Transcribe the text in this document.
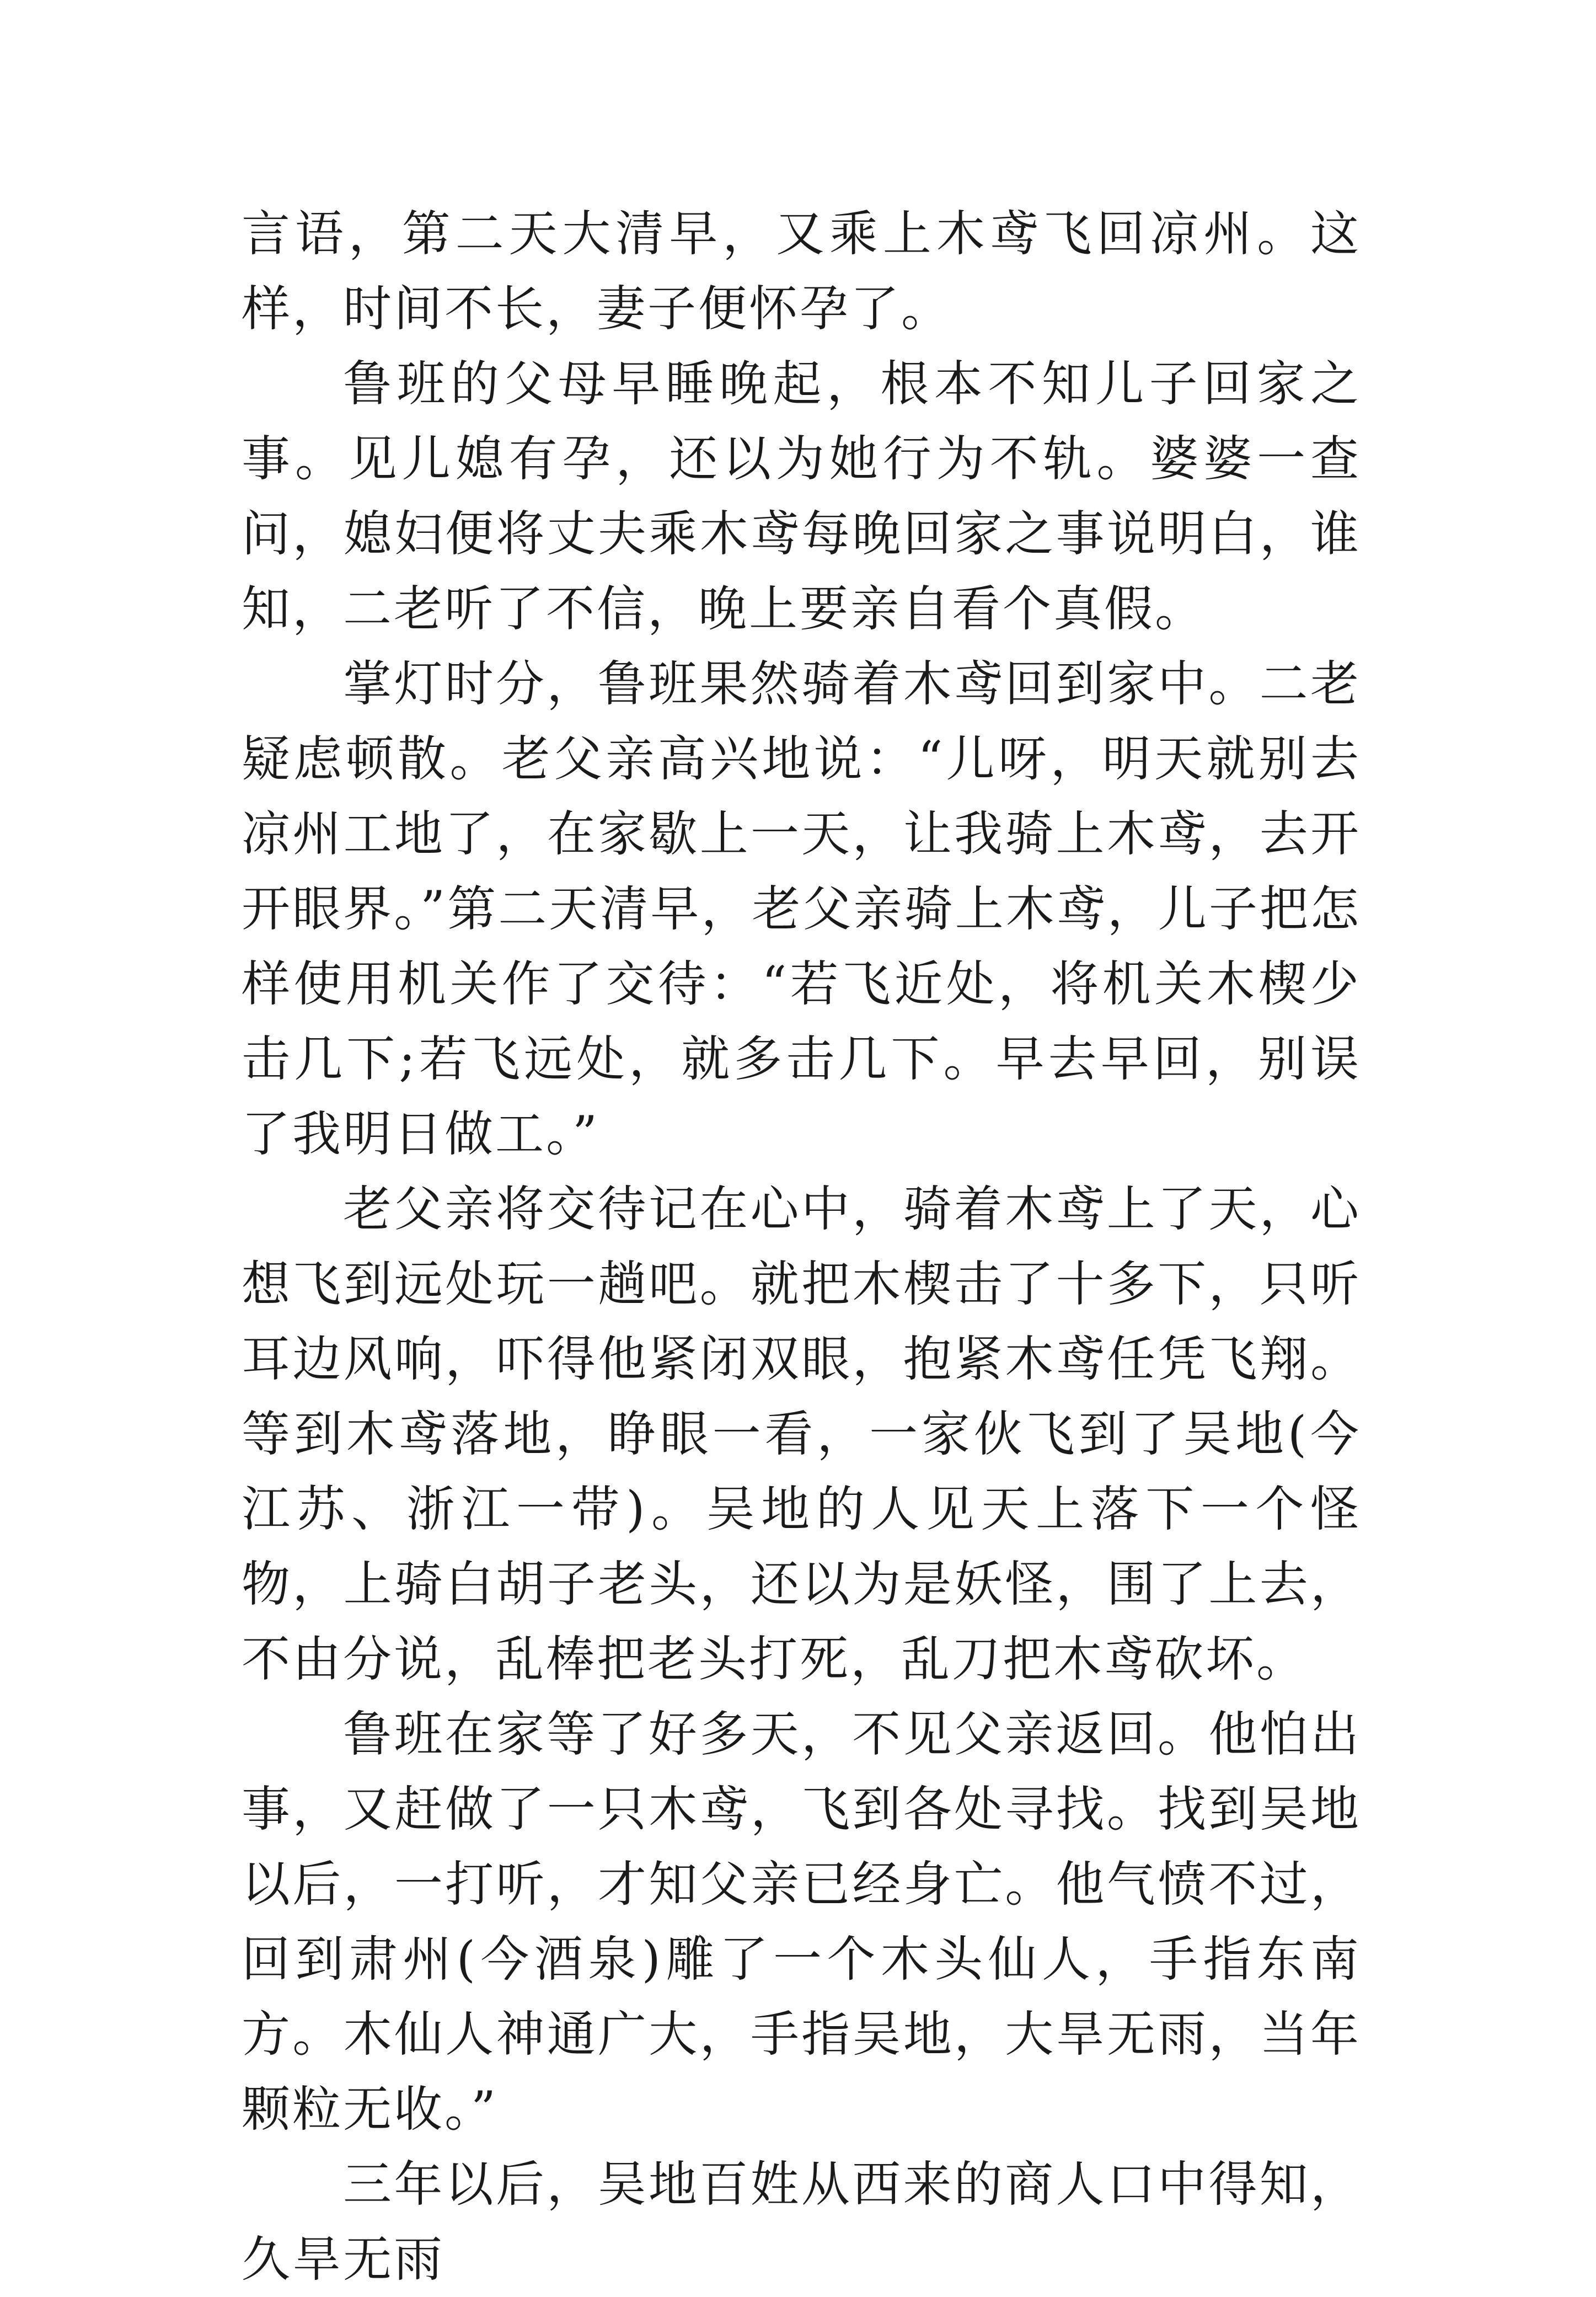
言语，第二天大清早，又乘上木鸢飞回凉州。这样，时间不长，妻子便怀孕了。

鲁班的父母早睡晚起，根本不知儿子回家之事。见儿媳有孕，还以为她行为不轨。婆婆一查问，媳妇便将丈夫乘木鸢每晚回家之事说明白，谁知，二老听了不信，晚上要亲自看个真假。

掌灯时分，鲁班果然骑着木鸢回到家中。二老疑虑顿散。老父亲高兴地说：“儿呀，明天就别去凉州工地了，在家歇上一天，让我骑上木鸢，去开开眼界。”第二天清早，老父亲骑上木鸢，儿子把怎样使用机关作了交待：“若飞近处，将机关木楔少击几下;若飞远处，就多击几下。早去早回，别误了我明日做工。”

老父亲将交待记在心中，骑着木鸢上了天，心想飞到远处玩一趟吧。就把木楔击了十多下，只听耳边风响，吓得他紧闭双眼，抱紧木鸢任凭飞翔。等到木鸢落地，睁眼一看，一家伙飞到了吴地(今江苏、浙江一带)。吴地的人见天上落下一个怪物，上骑白胡子老头，还以为是妖怪，围了上去，不由分说，乱棒把老头打死，乱刀把木鸢砍坏。

鲁班在家等了好多天，不见父亲返回。他怕出事，又赶做了一只木鸢，飞到各处寻找。找到吴地以后，一打听，才知父亲已经身亡。他气愤不过，回到肃州(今酒泉)雕了一个木头仙人，手指东南方。木仙人神通广大，手指吴地，大旱无雨，当年颗粒无收。”

三年以后，吴地百姓从西来的商人口中得知，久旱无雨
